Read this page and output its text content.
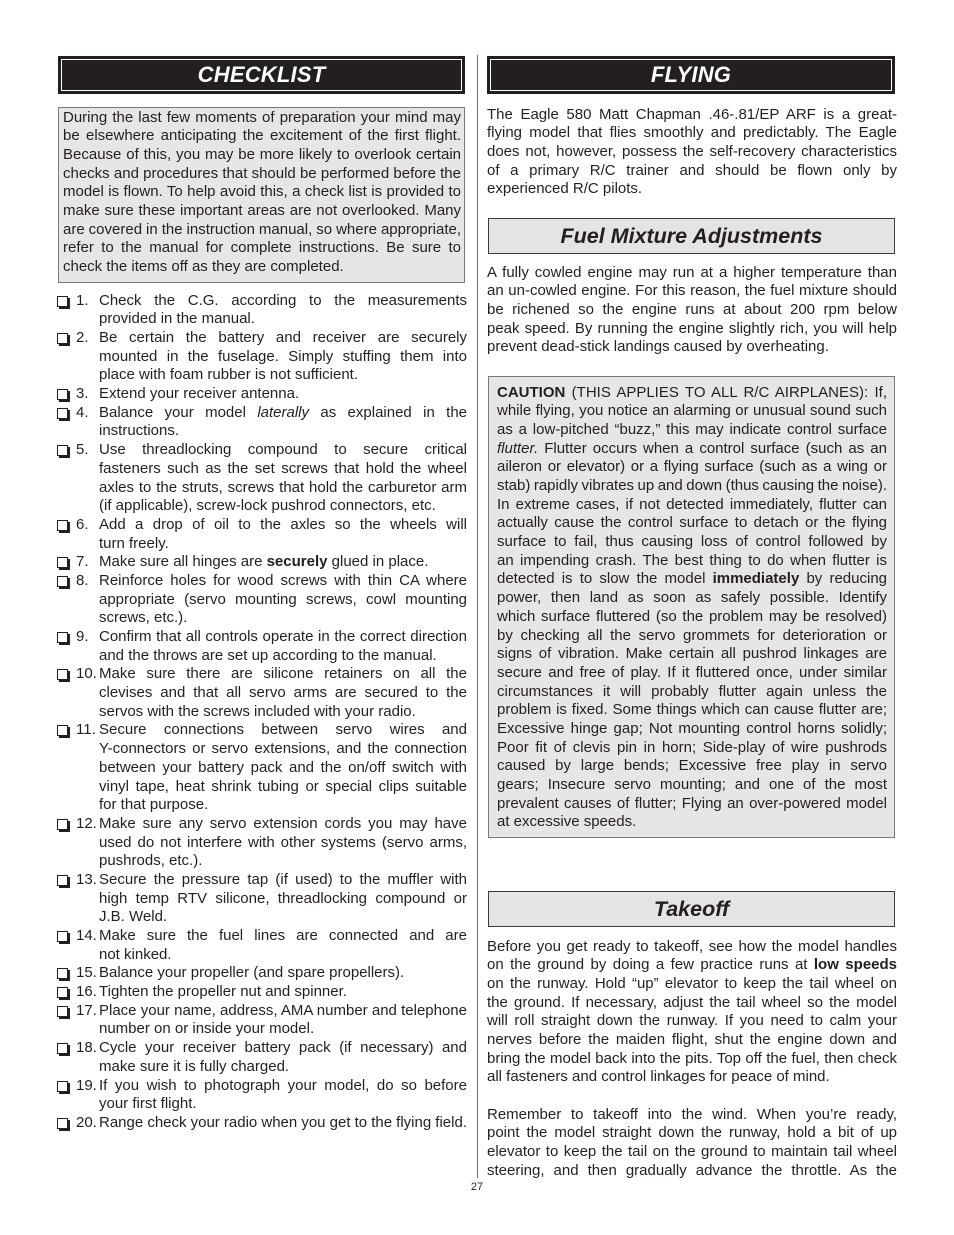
CHECKLIST
During the last few moments of preparation your mind may
be elsewhere anticipating the excitement of the first flight.
Because of this, you may be more likely to overlook certain
checks and procedures that should be performed before the
model is flown. To help avoid this, a check list is provided to
make sure these important areas are not overlooked. Many
are covered in the instruction manual, so where appropriate,
refer to the manual for complete instructions. Be sure to
check the items off as they are completed.
1. Check the C.G. according to the measurements
provided in the manual.
2. Be certain the battery and receiver are securely
mounted in the fuselage. Simply stuffing them into
place with foam rubber is not sufficient.
3. Extend your receiver antenna.
4. Balance your model laterally as explained in the
instructions.
5. Use threadlocking compound to secure critical
fasteners such as the set screws that hold the wheel
axles to the struts, screws that hold the carburetor arm
(if applicable), screw-lock pushrod connectors, etc.
6. Add a drop of oil to the axles so the wheels will
turn freely.
7. Make sure all hinges are securely glued in place.
8. Reinforce holes for wood screws with thin CA where
appropriate (servo mounting screws, cowl mounting
screws, etc.).
9. Confirm that all controls operate in the correct direction
and the throws are set up according to the manual.
10. Make sure there are silicone retainers on all the
clevises and that all servo arms are secured to the
servos with the screws included with your radio.
11. Secure connections between servo wires and
Y-connectors or servo extensions, and the connection
between your battery pack and the on/off switch with
vinyl tape, heat shrink tubing or special clips suitable
for that purpose.
12. Make sure any servo extension cords you may have
used do not interfere with other systems (servo arms,
pushrods, etc.).
13. Secure the pressure tap (if used) to the muffler with
high temp RTV silicone, threadlocking compound or
J.B. Weld.
14. Make sure the fuel lines are connected and are
not kinked.
15. Balance your propeller (and spare propellers).
16. Tighten the propeller nut and spinner.
17. Place your name, address, AMA number and telephone
number on or inside your model.
18. Cycle your receiver battery pack (if necessary) and
make sure it is fully charged.
19. If you wish to photograph your model, do so before
your first flight.
20. Range check your radio when you get to the flying field.
FLYING
The Eagle 580 Matt Chapman .46-.81/EP ARF is a great-
flying model that flies smoothly and predictably. The Eagle
does not, however, possess the self-recovery characteristics
of a primary R/C trainer and should be flown only by
experienced R/C pilots.
Fuel Mixture Adjustments
A fully cowled engine may run at a higher temperature than
an un-cowled engine. For this reason, the fuel mixture should
be richened so the engine runs at about 200 rpm below
peak speed. By running the engine slightly rich, you will help
prevent dead-stick landings caused by overheating.
CAUTION (THIS APPLIES TO ALL R/C AIRPLANES): If,
while flying, you notice an alarming or unusual sound such
as a low-pitched “buzz,” this may indicate control surface
flutter. Flutter occurs when a control surface (such as an
aileron or elevator) or a flying surface (such as a wing or
stab) rapidly vibrates up and down (thus causing the noise).
In extreme cases, if not detected immediately, flutter can
actually cause the control surface to detach or the flying
surface to fail, thus causing loss of control followed by
an impending crash. The best thing to do when flutter is
detected is to slow the model immediately by reducing
power, then land as soon as safely possible. Identify
which surface fluttered (so the problem may be resolved)
by checking all the servo grommets for deterioration or
signs of vibration. Make certain all pushrod linkages are
secure and free of play. If it fluttered once, under similar
circumstances it will probably flutter again unless the
problem is fixed. Some things which can cause flutter are;
Excessive hinge gap; Not mounting control horns solidly;
Poor fit of clevis pin in horn; Side-play of wire pushrods
caused by large bends; Excessive free play in servo
gears; Insecure servo mounting; and one of the most
prevalent causes of flutter; Flying an over-powered model
at excessive speeds.
Takeoff
Before you get ready to takeoff, see how the model handles
on the ground by doing a few practice runs at low speeds
on the runway. Hold “up” elevator to keep the tail wheel on
the ground. If necessary, adjust the tail wheel so the model
will roll straight down the runway. If you need to calm your
nerves before the maiden flight, shut the engine down and
bring the model back into the pits. Top off the fuel, then check
all fasteners and control linkages for peace of mind.
Remember to takeoff into the wind. When you’re ready,
point the model straight down the runway, hold a bit of up
elevator to keep the tail on the ground to maintain tail wheel
steering, and then gradually advance the throttle. As the
27
